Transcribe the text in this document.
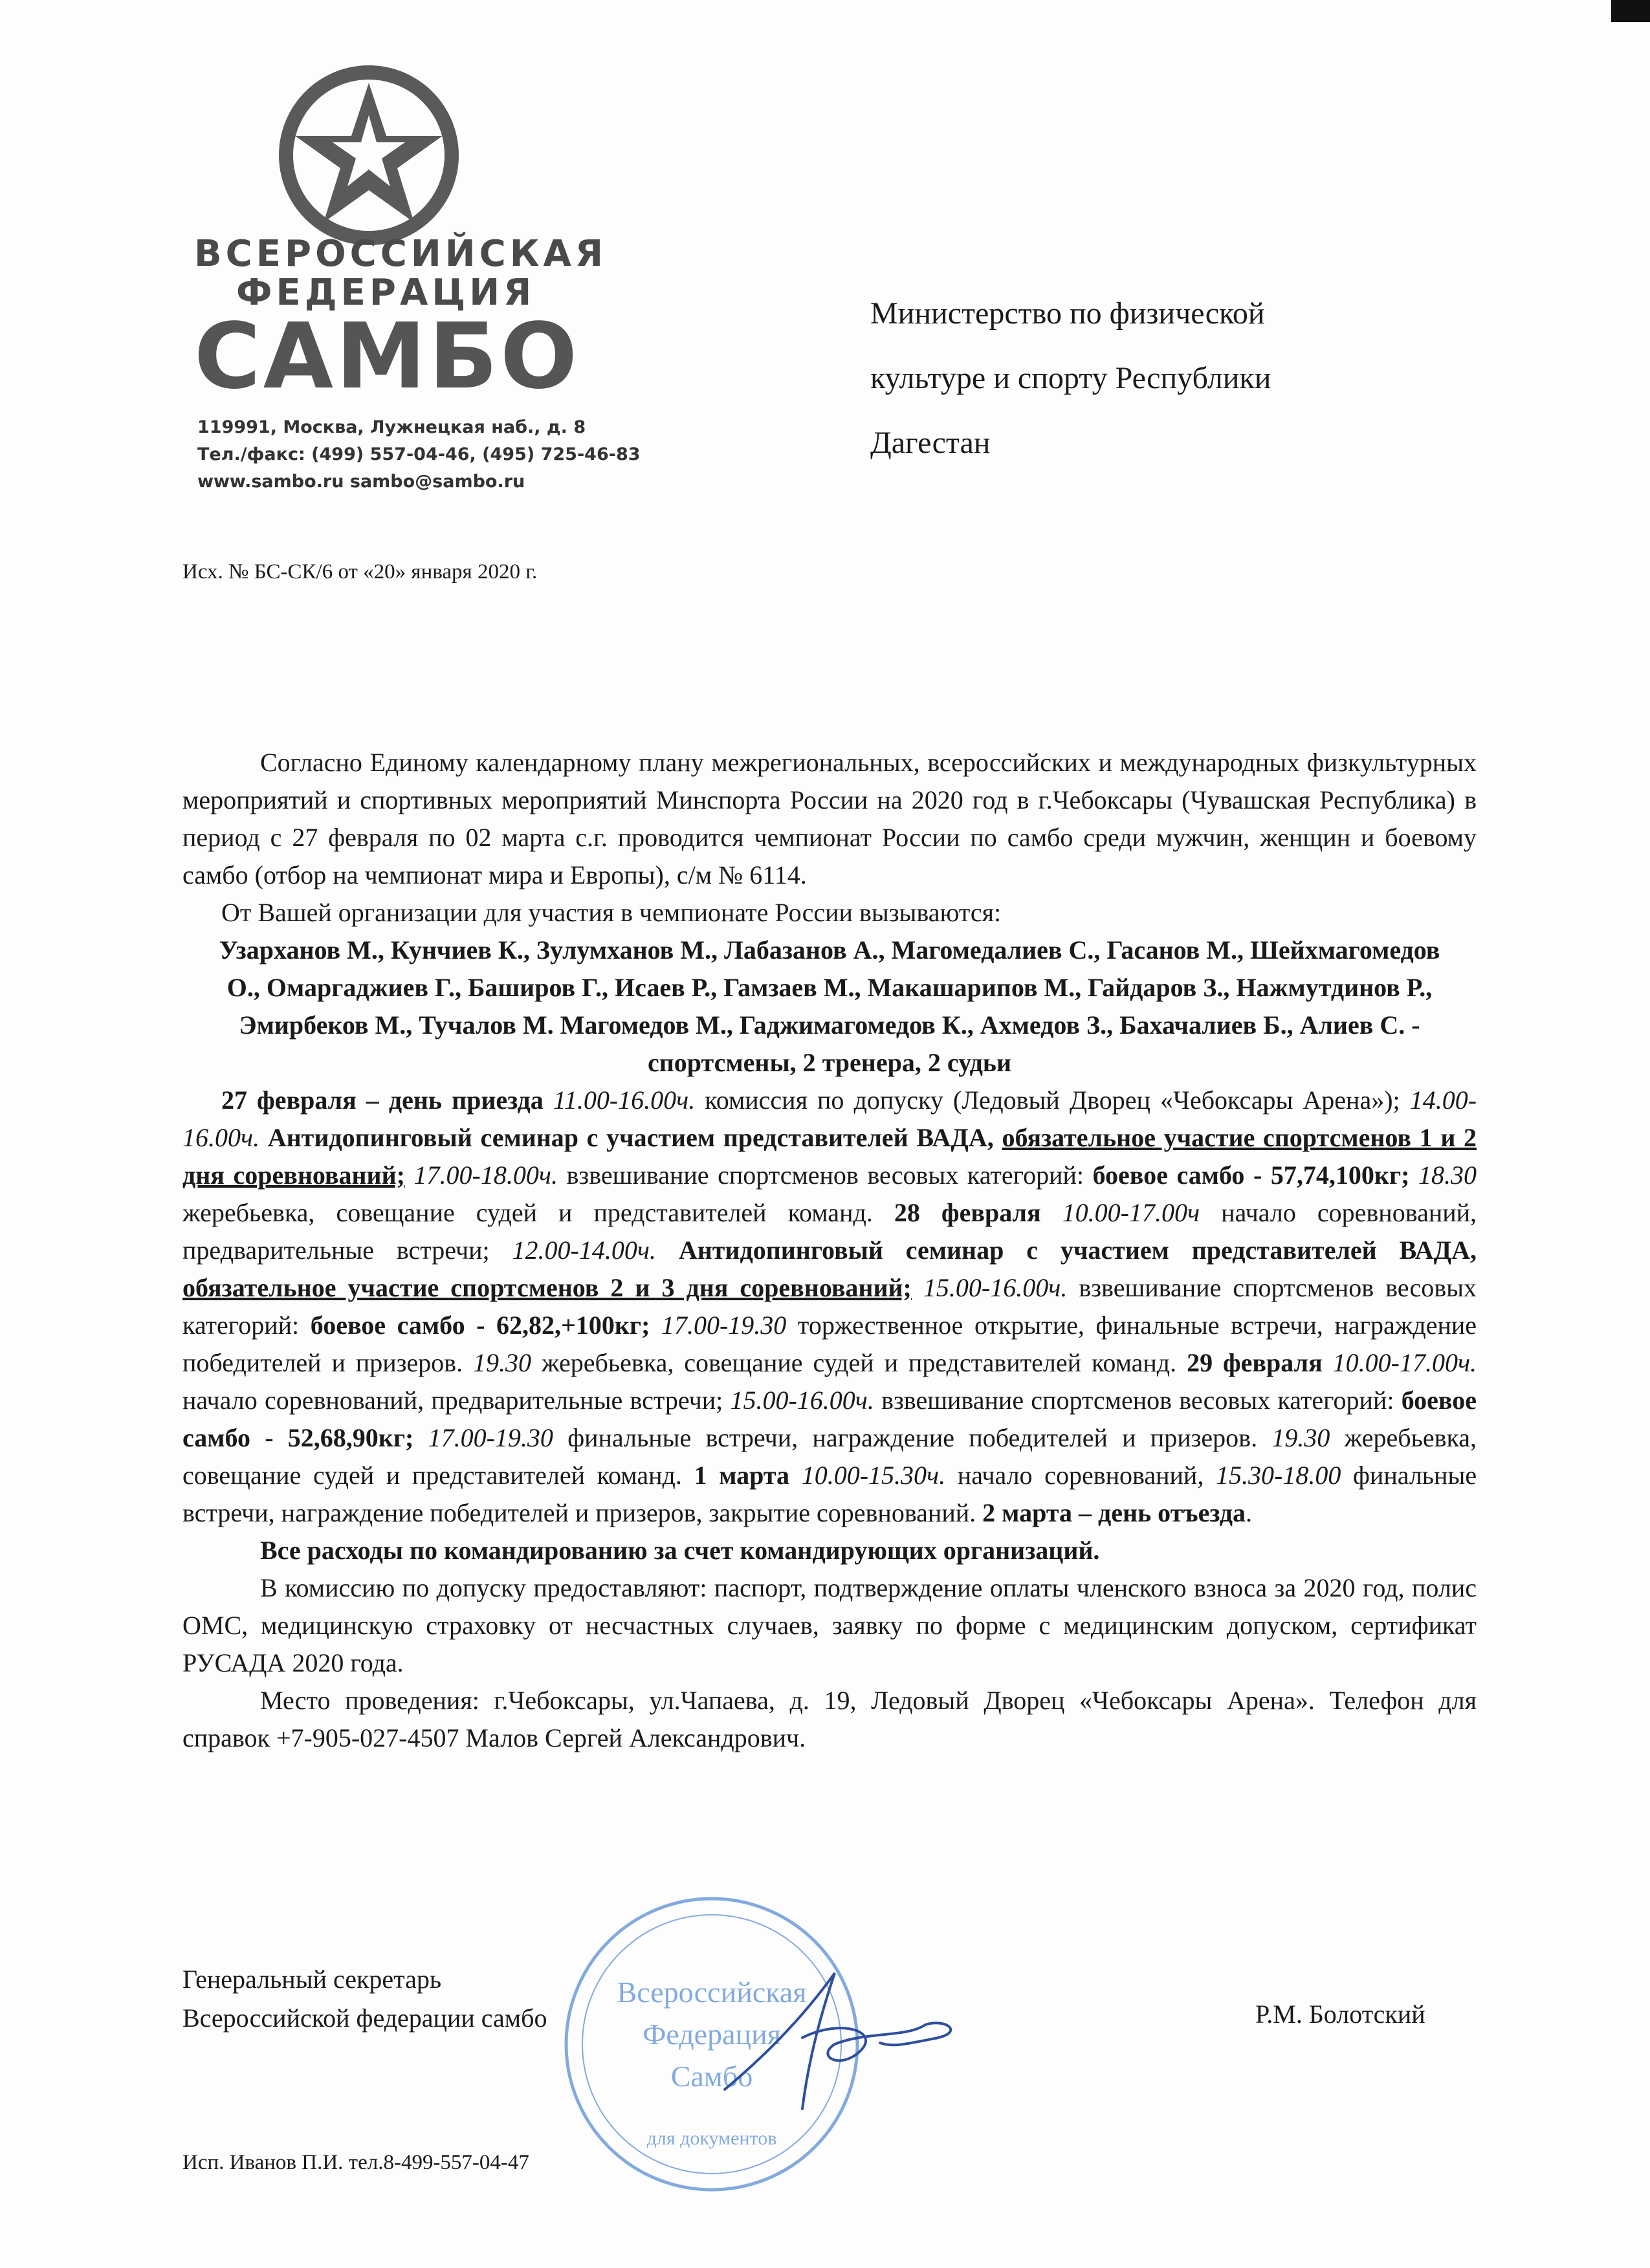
ВСЕРОССИЙСКАЯ
ФЕДЕРАЦИЯ
САМБО
119991, Москва, Лужнецкая наб., д. 8
Тел./факс: (499) 557-04-46, (495) 725-46-83
www.sambo.ru sambo@sambo.ru
Министерство по физической
культуре и спорту Республики
Дагестан
Исх. № БС-СК/6 от «20» января 2020 г.

Согласно Единому календарному плану межрегиональных, всероссийских и международных физкультурных мероприятий и спортивных мероприятий Минспорта России на 2020 год в г.Чебоксары (Чувашская Республика) в период с 27 февраля по 02 марта с.г. проводится чемпионат России по самбо среди мужчин, женщин и боевому самбо (отбор на чемпионат мира и Европы), с/м № 6114.

От Вашей организации для участия в чемпионате России вызываются:

Узарханов М., Кунчиев К., Зулумханов М., Лабазанов А., Магомедалиев С., Гасанов М., Шейхмагомедов О., Омаргаджиев Г., Баширов Г., Исаев Р., Гамзаев М., Макашарипов М., Гайдаров З., Нажмутдинов Р., Эмирбеков М., Тучалов М. Магомедов М., Гаджимагомедов К., Ахмедов З., Бахачалиев Б., Алиев С. - спортсмены, 2 тренера, 2 судьи

27 февраля – день приезда 11.00-16.00ч. комиссия по допуску (Ледовый Дворец «Чебоксары Арена»); 14.00-16.00ч. Антидопинговый семинар с участием представителей ВАДА, обязательное участие спортсменов 1 и 2 дня соревнований; 17.00-18.00ч. взвешивание спортсменов весовых категорий: боевое самбо - 57,74,100кг; 18.30 жеребьевка, совещание судей и представителей команд. 28 февраля 10.00-17.00ч начало соревнований, предварительные встречи; 12.00-14.00ч. Антидопинговый семинар с участием представителей ВАДА, обязательное участие спортсменов 2 и 3 дня соревнований; 15.00-16.00ч. взвешивание спортсменов весовых категорий: боевое самбо - 62,82,+100кг; 17.00-19.30 торжественное открытие, финальные встречи, награждение победителей и призеров. 19.30 жеребьевка, совещание судей и представителей команд. 29 февраля 10.00-17.00ч. начало соревнований, предварительные встречи; 15.00-16.00ч. взвешивание спортсменов весовых категорий: боевое самбо - 52,68,90кг; 17.00-19.30 финальные встречи, награждение победителей и призеров. 19.30 жеребьевка, совещание судей и представителей команд. 1 марта 10.00-15.30ч. начало соревнований, 15.30-18.00 финальные встречи, награждение победителей и призеров, закрытие соревнований. 2 марта – день отъезда.

Все расходы по командированию за счет командирующих организаций.

В комиссию по допуску предоставляют: паспорт, подтверждение оплаты членского взноса за 2020 год, полис ОМС, медицинскую страховку от несчастных случаев, заявку по форме с медицинским допуском, сертификат РУСАДА 2020 года.

Место проведения: г.Чебоксары, ул.Чапаева, д. 19, Ледовый Дворец «Чебоксары Арена». Телефон для справок +7-905-027-4507 Малов Сергей Александрович.

Всероссийская
Федерация
Самбо
для документов
Генеральный секретарь
Всероссийской федерации самбо	Р.М. Болотский
Исп. Иванов П.И. тел.8-499-557-04-47
